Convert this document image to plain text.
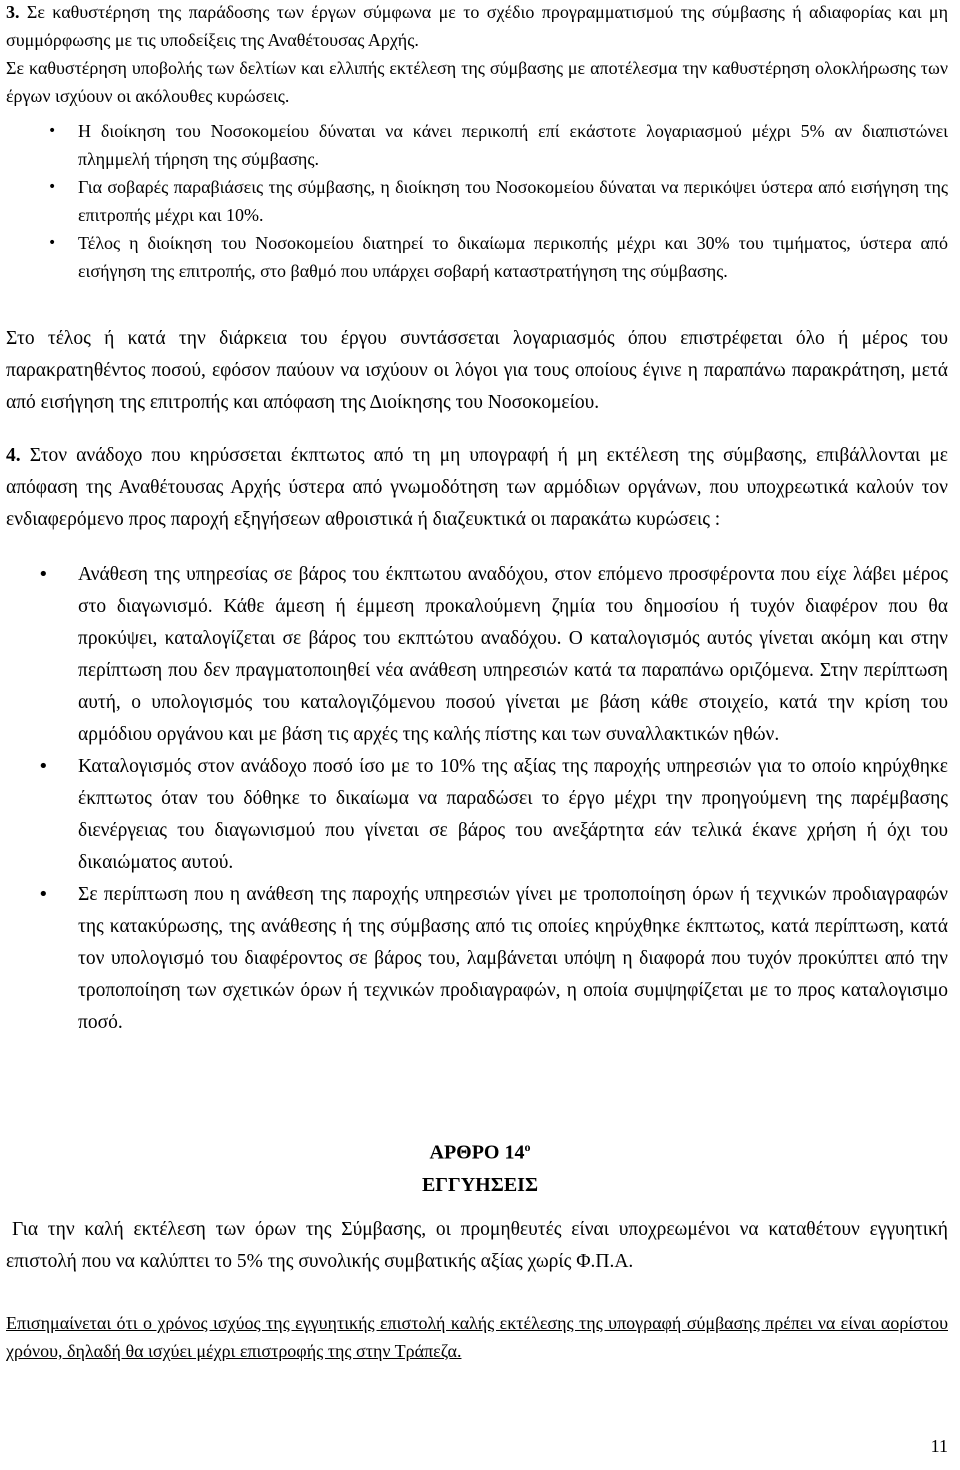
3. Σε καθυστέρηση της παράδοσης των έργων σύμφωνα με το σχέδιο προγραμματισμού της σύμβασης ή αδιαφορίας και μη συμμόρφωσης με τις υποδείξεις της Αναθέτουσας Αρχής.

Σε καθυστέρηση υποβολής των δελτίων και ελλιπής εκτέλεση της σύμβασης με αποτέλεσμα την καθυστέρηση ολοκλήρωσης των έργων ισχύουν οι ακόλουθες κυρώσεις.

• Η διοίκηση του Νοσοκομείου δύναται να κάνει περικοπή επί εκάστοτε λογαριασμού μέχρι 5% αν διαπιστώνει πλημμελή τήρηση της σύμβασης.
• Για σοβαρές παραβιάσεις της σύμβασης, η διοίκηση του Νοσοκομείου δύναται να περικόψει ύστερα από εισήγηση της επιτροπής μέχρι και 10%.
• Τέλος η διοίκηση του Νοσοκομείου διατηρεί το δικαίωμα περικοπής μέχρι και 30% του τιμήματος, ύστερα από εισήγηση της επιτροπής, στο βαθμό που υπάρχει σοβαρή καταστρατήγηση της σύμβασης.

Στο τέλος ή κατά την διάρκεια του έργου συντάσσεται λογαριασμός όπου επιστρέφεται όλο ή μέρος του παρακρατηθέντος ποσού, εφόσον παύουν να ισχύουν οι λόγοι για τους οποίους έγινε η παραπάνω παρακράτηση, μετά από εισήγηση της επιτροπής και απόφαση της Διοίκησης του Νοσοκομείου.

4. Στον ανάδοχο που κηρύσσεται έκπτωτος από τη μη υπογραφή ή μη εκτέλεση της σύμβασης, επιβάλλονται με απόφαση της Αναθέτουσας Αρχής ύστερα από γνωμοδότηση των αρμόδιων οργάνων, που υποχρεωτικά καλούν τον ενδιαφερόμενο προς παροχή εξηγήσεων αθροιστικά ή διαζευκτικά οι παρακάτω κυρώσεις :

• Ανάθεση της υπηρεσίας σε βάρος του έκπτωτου αναδόχου, στον επόμενο προσφέροντα που είχε λάβει μέρος στο διαγωνισμό. Κάθε άμεση ή έμμεση προκαλούμενη ζημία του δημοσίου ή τυχόν διαφέρον που θα προκύψει, καταλογίζεται σε βάρος του εκπτώτου αναδόχου. Ο καταλογισμός αυτός γίνεται ακόμη και στην περίπτωση που δεν πραγματοποιηθεί νέα ανάθεση υπηρεσιών κατά τα παραπάνω οριζόμενα. Στην περίπτωση αυτή, ο υπολογισμός του καταλογιζόμενου ποσού γίνεται με βάση κάθε στοιχείο, κατά την κρίση του αρμόδιου οργάνου και με βάση τις αρχές της καλής πίστης και των συναλλακτικών ηθών.
• Καταλογισμός στον ανάδοχο ποσό ίσο με το 10% της αξίας της παροχής υπηρεσιών για το οποίο κηρύχθηκε έκπτωτος όταν του δόθηκε το δικαίωμα να παραδώσει το έργο μέχρι την προηγούμενη της παρέμβασης διενέργειας του διαγωνισμού που γίνεται σε βάρος του ανεξάρτητα εάν τελικά έκανε χρήση ή όχι του δικαιώματος αυτού.
• Σε περίπτωση που η ανάθεση της παροχής υπηρεσιών γίνει με τροποποίηση όρων ή τεχνικών προδιαγραφών της κατακύρωσης, της ανάθεσης ή της σύμβασης από τις οποίες κηρύχθηκε έκπτωτος, κατά περίπτωση, κατά τον υπολογισμό του διαφέροντος σε βάρος του, λαμβάνεται υπόψη η διαφορά που τυχόν προκύπτει από την τροποποίηση των σχετικών όρων ή τεχνικών προδιαγραφών, η οποία συμψηφίζεται με το προς καταλογισιμο ποσό.

ΑΡΘΡΟ $14^o$

ΕΓΓΥΗΣΕΙΣ

Για την καλή εκτέλεση των όρων της Σύμβασης, οι προμηθευτές είναι υποχρεωμένοι να καταθέτουν εγγυητική επιστολή που να καλύπτει το 5% της συνολικής συμβατικής αξίας χωρίς Φ.Π.Α.

Επισημαίνεται ότι ο χρόνος ισχύος της εγγυητικής επιστολή καλής εκτέλεσης της υπογραφή σύμβασης πρέπει να είναι αορίστου χρόνου, δηλαδή θα ισχύει μέχρι επιστροφής της στην Τράπεζα.

11
